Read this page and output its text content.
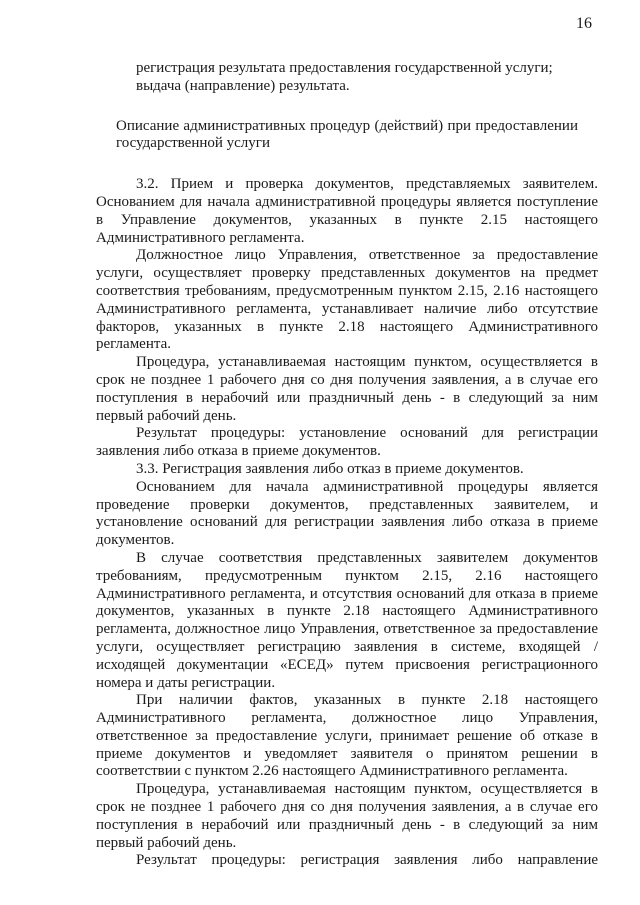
16

регистрация результата предоставления государственной услуги;

выдача (направление) результата.

Описание административных процедур (действий) при предоставлении государственной услуги

3.2. Прием и проверка документов, представляемых заявителем. Основанием для начала административной процедуры является поступление в Управление документов, указанных в пункте 2.15 настоящего Административного регламента.

Должностное лицо Управления, ответственное за предоставление услуги, осуществляет проверку представленных документов на предмет соответствия требованиям, предусмотренным пунктом 2.15, 2.16 настоящего Административного регламента, устанавливает наличие либо отсутствие факторов, указанных в пункте 2.18 настоящего Административного регламента.

Процедура, устанавливаемая настоящим пунктом, осуществляется в срок не позднее 1 рабочего дня со дня получения заявления, а в случае его поступления в нерабочий или праздничный день - в следующий за ним первый рабочий день.

Результат процедуры: установление оснований для регистрации заявления либо отказа в приеме документов.

3.3. Регистрация заявления либо отказ в приеме документов.

Основанием для начала административной процедуры является проведение проверки документов, представленных заявителем, и установление оснований для регистрации заявления либо отказа в приеме документов.

В случае соответствия представленных заявителем документов требованиям, предусмотренным пунктом 2.15, 2.16 настоящего Административного регламента, и отсутствия оснований для отказа в приеме документов, указанных в пункте 2.18 настоящего Административного регламента, должностное лицо Управления, ответственное за предоставление услуги, осуществляет регистрацию заявления в системе, входящей /исходящей документации «ЕСЕД» путем присвоения регистрационного номера и даты регистрации.

При наличии фактов, указанных в пункте 2.18 настоящего Административного регламента, должностное лицо Управления, ответственное за предоставление услуги, принимает решение об отказе в приеме документов и уведомляет заявителя о принятом решении в соответствии с пунктом 2.26 настоящего Административного регламента.

Процедура, устанавливаемая настоящим пунктом, осуществляется в срок не позднее 1 рабочего дня со дня получения заявления, а в случае его поступления в нерабочий или праздничный день - в следующий за ним первый рабочий день.

Результат процедуры: регистрация заявления либо направление
